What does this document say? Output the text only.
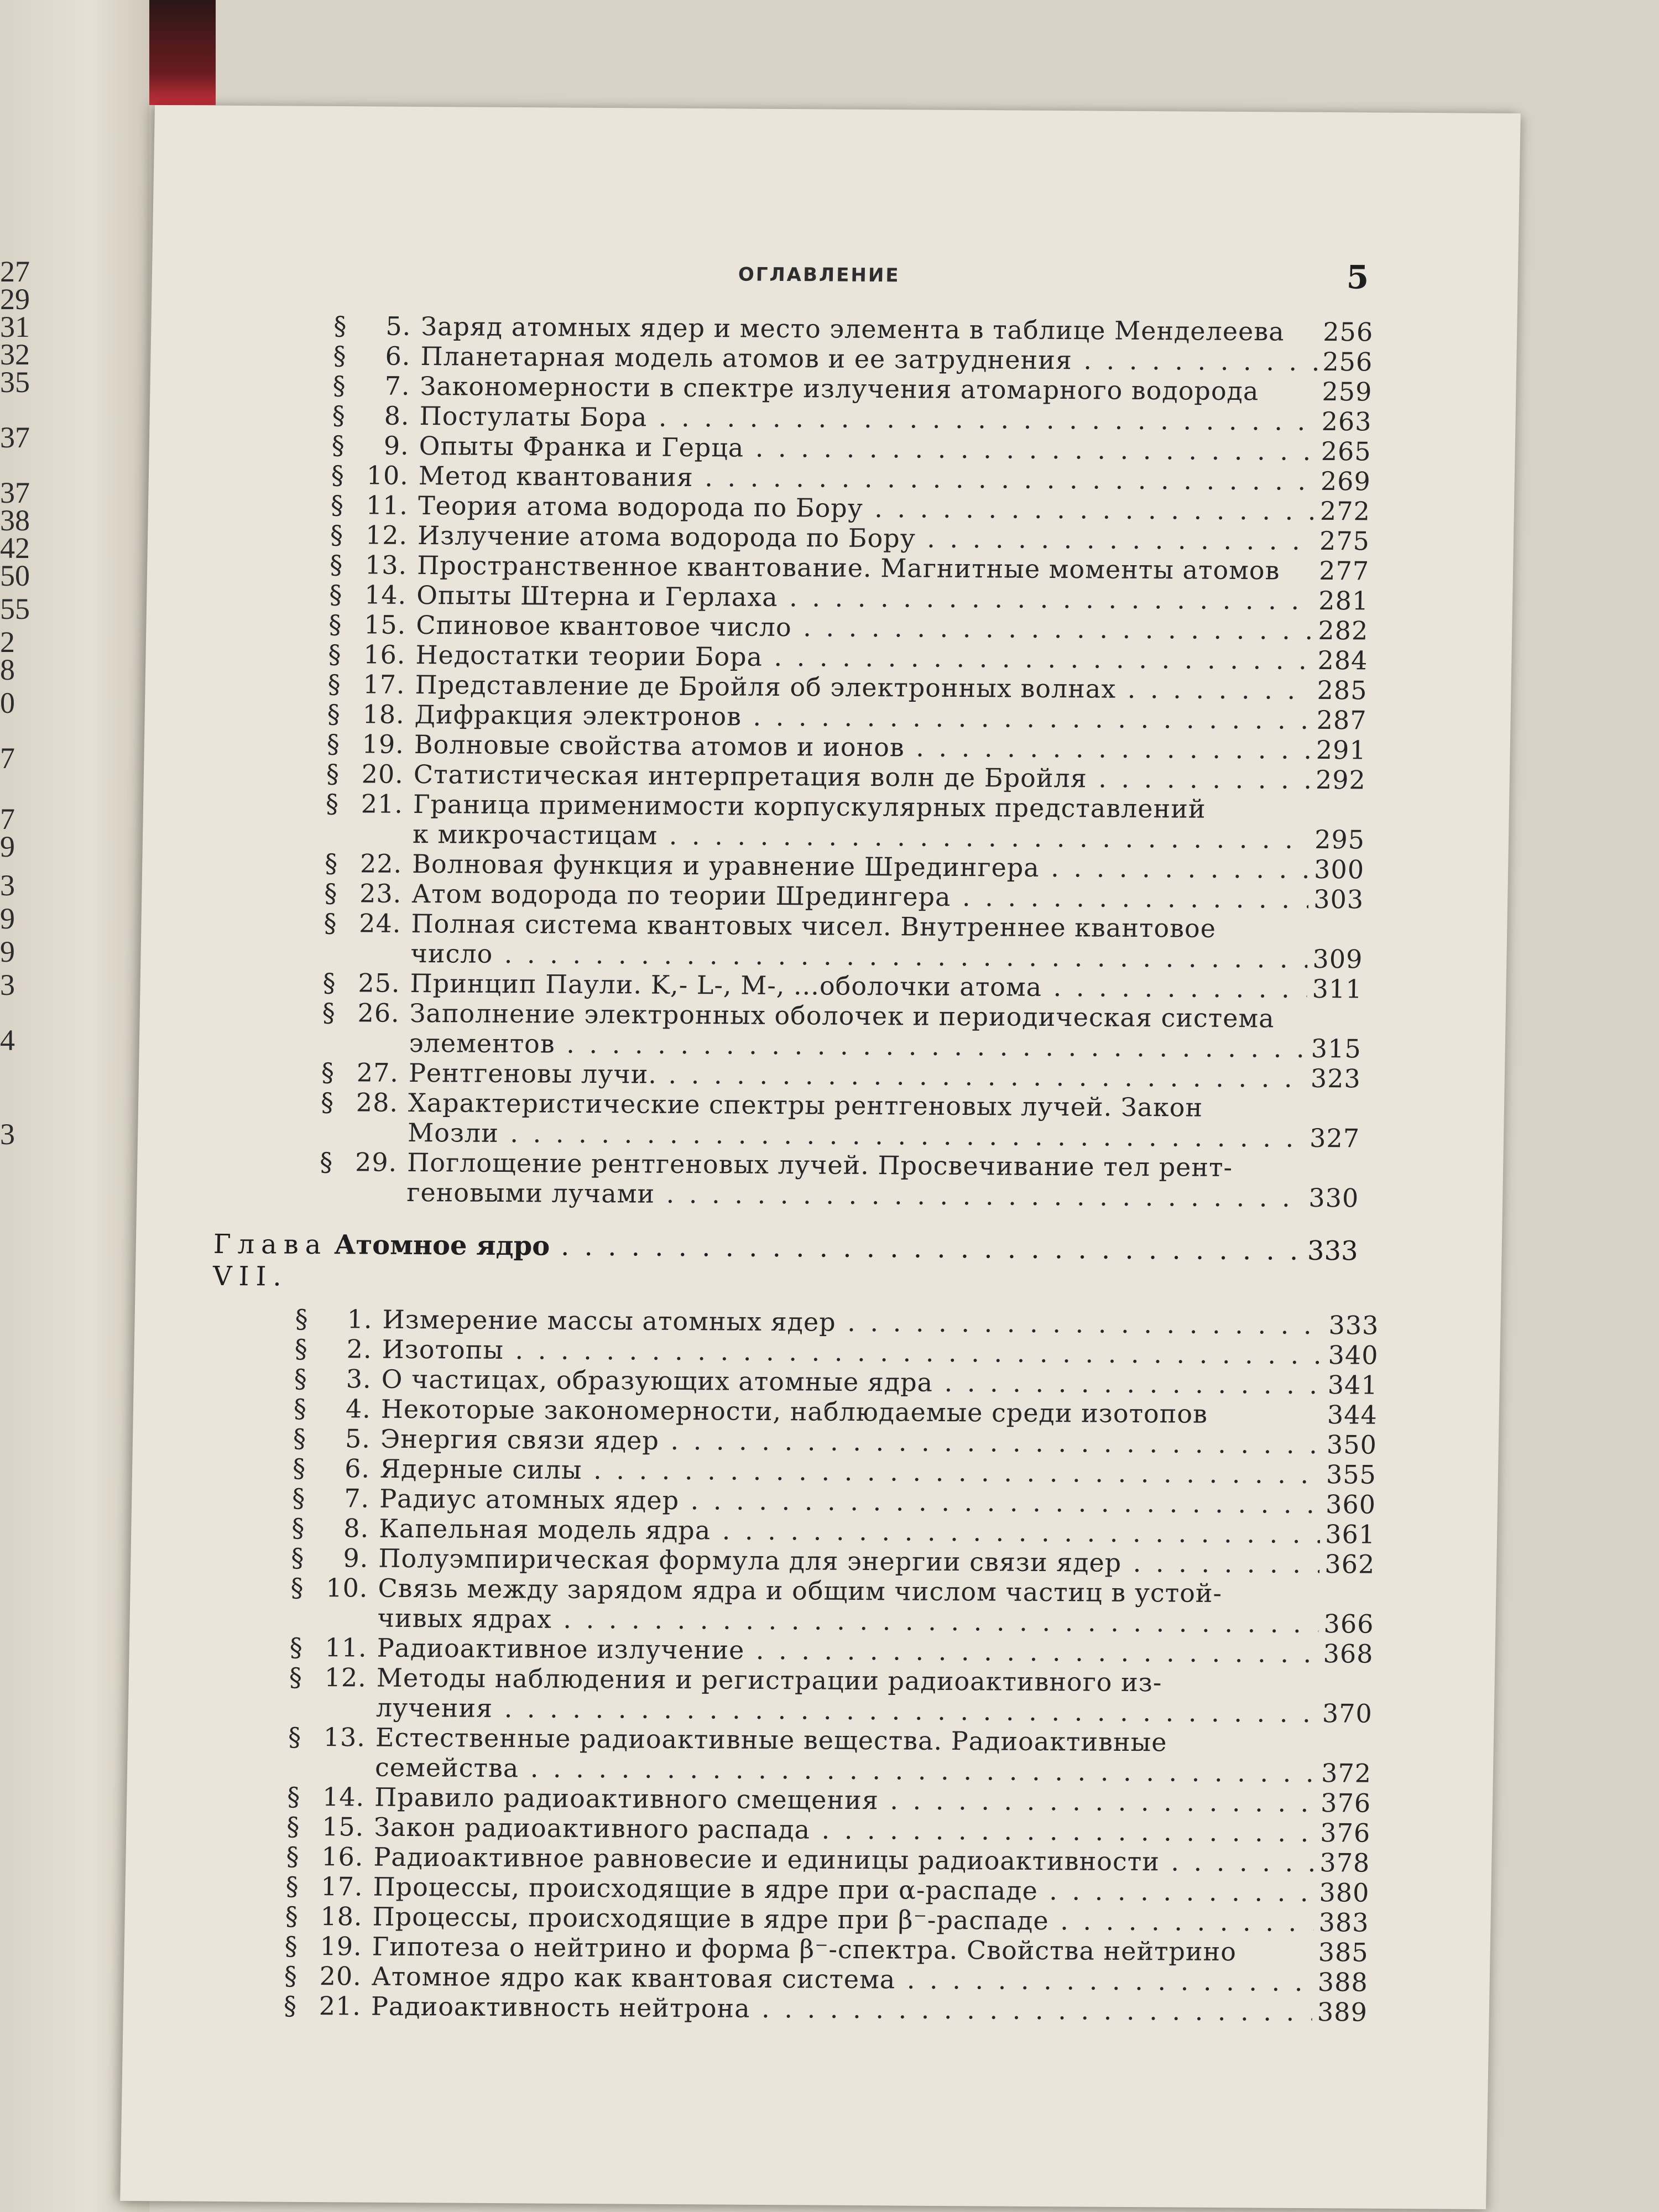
27
29
31
32
35
37
37
38
42
50
55
2
8
0
7
7
9
3
9
9
3
4
3
ОГЛАВЛЕНИЕ	5
§	5. Заряд атомных ядер и место элемента в таблице Менделеева	256
§	6. Планетарная модель атомов и ее затруднения . . .	256
§	7. Закономерности в спектре излучения атомарного водорода	259
§	8. Постулаты Бора . . .	263
§	9. Опыты Франка и Герца . . .	265
§ 10. Метод квантования . . .	269
§ 11. Теория атома водорода по Бору . . .	272
§ 12. Излучение атома водорода по Бору . . .	275
§ 13. Пространственное квантование. Магнитные моменты атомов	277
§ 14. Опыты Штерна и Герлаха . . .	281
§ 15. Спиновое квантовое число . . .	282
§ 16. Недостатки теории Бора . . .	284
§ 17. Представление де Бройля об электронных волнах . . .	285
§ 18. Дифракция электронов . . .	287
§ 19. Волновые свойства атомов и ионов . . .	291
§ 20. Статистическая интерпретация волн де Бройля . . .	292
§ 21. Граница применимости корпускулярных представлений
к микрочастицам . . .	295
§ 22. Волновая функция и уравнение Шредингера . . .	300
§ 23. Атом водорода по теории Шредингера . . .	303
§ 24. Полная система квантовых чисел. Внутреннее квантовое
число . . .	309
§ 25. Принцип Паули. K,- L-, M-, ...оболочки атома . . .	311
§ 26. Заполнение электронных оболочек и периодическая система
элементов . . .	315
§ 27. Рентгеновы лучи. . . .	323
§ 28. Характеристические спектры рентгеновых лучей. Закон
Мозли . . .	327
§ 29. Поглощение рентгеновых лучей. Просвечивание тел рент-
геновыми лучами . . .	330
Глава VII.
Атомное ядро . . .	333
§	1. Измерение массы атомных ядер . . .	333
§	2. Изотопы . . .	340
§	3. О частицах, образующих атомные ядра . . .	341
§	4. Некоторые закономерности, наблюдаемые среди изотопов	344
§	5. Энергия связи ядер . . .	350
§	6. Ядерные силы . . .	355
§	7. Радиус атомных ядер . . .	360
§	8. Капельная модель ядра . . .	361
§	9. Полуэмпирическая формула для энергии связи ядер . . .	362
§ 10. Связь между зарядом ядра и общим числом частиц в устой-
чивых ядрах . . .	366
§ 11. Радиоактивное излучение . . .	368
§ 12. Методы наблюдения и регистрации радиоактивного из-
лучения . . .	370
§ 13. Естественные радиоактивные вещества. Радиоактивные
семейства . . .	372
§ 14. Правило радиоактивного смещения . . .	376
§ 15. Закон радиоактивного распада . . .	376
§ 16. Радиоактивное равновесие и единицы радиоактивности . . .	378
§ 17. Процессы, происходящие в ядре при α-распаде . . .	380
§ 18. Процессы, происходящие в ядре при β⁻-распаде . . .	383
§ 19. Гипотеза о нейтрино и форма β⁻-спектра. Свойства нейтрино	385
§ 20. Атомное ядро как квантовая система . . .	388
§ 21. Радиоактивность нейтрона . . .	389
